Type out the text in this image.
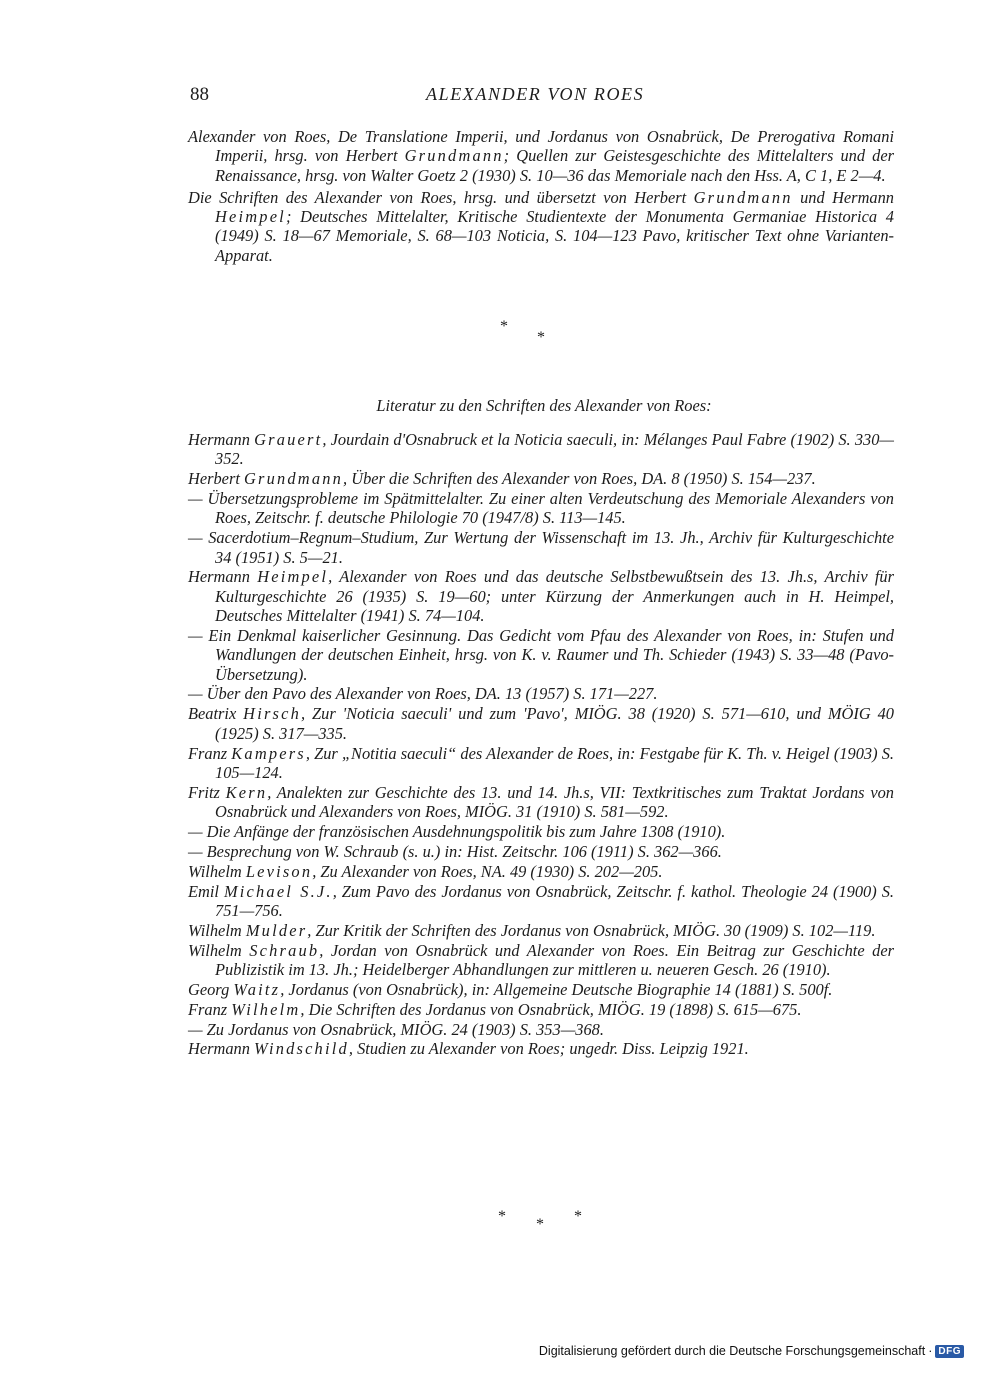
88	ALEXANDER VON ROES

Alexander von Roes, De Translatione Imperii, und Jordanus von Osnabrück, De Prerogativa Romani Imperii, hrsg. von Herbert Grundmann; Quellen zur Geistesgeschichte des Mittelalters und der Renaissance, hrsg. von Walter Goetz 2 (1930) S. 10—36 das Memoriale nach den Hss. A, C 1, E 2—4.

Die Schriften des Alexander von Roes, hrsg. und übersetzt von Herbert Grundmann und Hermann Heimpel; Deutsches Mittelalter, Kritische Studientexte der Monumenta Germaniae Historica 4 (1949) S. 18—67 Memoriale, S. 68—103 Noticia, S. 104—123 Pavo, kritischer Text ohne Varianten-Apparat.

*
*
Literatur zu den Schriften des Alexander von Roes:

Hermann Grauert, Jourdain d'Osnabruck et la Noticia saeculi, in: Mélanges Paul Fabre (1902) S. 330—352.

Herbert Grundmann, Über die Schriften des Alexander von Roes, DA. 8 (1950) S. 154—237.

— Übersetzungsprobleme im Spätmittelalter. Zu einer alten Verdeutschung des Memoriale Alexanders von Roes, Zeitschr. f. deutsche Philologie 70 (1947/8) S. 113—145.

— Sacerdotium–Regnum–Studium, Zur Wertung der Wissenschaft im 13. Jh., Archiv für Kulturgeschichte 34 (1951) S. 5—21.

Hermann Heimpel, Alexander von Roes und das deutsche Selbstbewußtsein des 13. Jh.s, Archiv für Kulturgeschichte 26 (1935) S. 19—60; unter Kürzung der Anmerkungen auch in H. Heimpel, Deutsches Mittelalter (1941) S. 74—104.

— Ein Denkmal kaiserlicher Gesinnung. Das Gedicht vom Pfau des Alexander von Roes, in: Stufen und Wandlungen der deutschen Einheit, hrsg. von K. v. Raumer und Th. Schieder (1943) S. 33—48 (Pavo-Übersetzung).

— Über den Pavo des Alexander von Roes, DA. 13 (1957) S. 171—227.

Beatrix Hirsch, Zur 'Noticia saeculi' und zum 'Pavo', MIÖG. 38 (1920) S. 571—610, und MÖIG 40 (1925) S. 317—335.

Franz Kampers, Zur „Notitia saeculi“ des Alexander de Roes, in: Festgabe für K. Th. v. Heigel (1903) S. 105—124.

Fritz Kern, Analekten zur Geschichte des 13. und 14. Jh.s, VII: Textkritisches zum Traktat Jordans von Osnabrück und Alexanders von Roes, MIÖG. 31 (1910) S. 581—592.

— Die Anfänge der französischen Ausdehnungspolitik bis zum Jahre 1308 (1910).

— Besprechung von W. Schraub (s. u.) in: Hist. Zeitschr. 106 (1911) S. 362—366.

Wilhelm Levison, Zu Alexander von Roes, NA. 49 (1930) S. 202—205.

Emil Michael S.J., Zum Pavo des Jordanus von Osnabrück, Zeitschr. f. kathol. Theologie 24 (1900) S. 751—756.

Wilhelm Mulder, Zur Kritik der Schriften des Jordanus von Osnabrück, MIÖG. 30 (1909) S. 102—119.

Wilhelm Schraub, Jordan von Osnabrück und Alexander von Roes. Ein Beitrag zur Geschichte der Publizistik im 13. Jh.; Heidelberger Abhandlungen zur mittleren u. neueren Gesch. 26 (1910).

Georg Waitz, Jordanus (von Osnabrück), in: Allgemeine Deutsche Biographie 14 (1881) S. 500f.

Franz Wilhelm, Die Schriften des Jordanus von Osnabrück, MIÖG. 19 (1898) S. 615—675.

— Zu Jordanus von Osnabrück, MIÖG. 24 (1903) S. 353—368.

Hermann Windschild, Studien zu Alexander von Roes; ungedr. Diss. Leipzig 1921.

* * *
Digitalisierung gefördert durch die Deutsche Forschungsgemeinschaft · DFG
